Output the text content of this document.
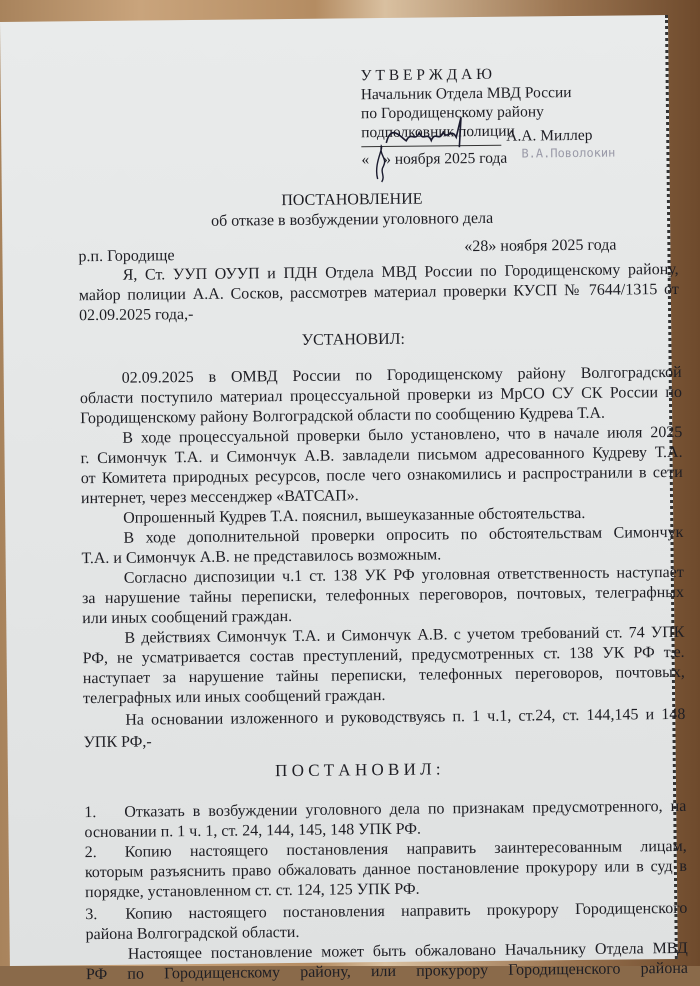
У Т В Е Р Ж Д А Ю
Начальник Отдела МВД России
по Городищенскому району
подполковник полиции
А.А. Миллер
« » ноября 2025 года В.А.Поволокин
ПОСТАНОВЛЕНИЕ
об отказе в возбуждении уголовного дела
р.п. Городище
«28» ноября 2025 года
Я, Ст. УУП ОУУП и ПДН Отдела МВД России по Городищенскому району,
майор полиции А.А. Сосков, рассмотрев материал проверки КУСП № 7644/1315 от
02.09.2025 года,-
УСТАНОВИЛ:
02.09.2025 в ОМВД России по Городищенскому району Волгоградской
области поступило материал процессуальной проверки из МрСО СУ СК России по
Городищенскому району Волгоградской области по сообщению Кудрева Т.А.
В ходе процессуальной проверки было установлено, что в начале июля 2025
г. Симончук Т.А. и Симончук А.В. завладели письмом адресованного Кудреву Т.А.
от Комитета природных ресурсов, после чего ознакомились и распространили в сети
интернет, через мессенджер «ВАТСАП».
Опрошенный Кудрев Т.А. пояснил, вышеуказанные обстоятельства.
В ходе дополнительной проверки опросить по обстоятельствам Симончук
Т.А. и Симончук А.В. не представилось возможным.
Согласно диспозиции ч.1 ст. 138 УК РФ уголовная ответственность наступает
за нарушение тайны переписки, телефонных переговоров, почтовых, телеграфных
или иных сообщений граждан.
В действиях Симончук Т.А. и Симончук А.В. с учетом требований ст. 74 УПК
РФ, не усматривается состав преступлений, предусмотренных ст. 138 УК РФ т.е.
наступает за нарушение тайны переписки, телефонных переговоров, почтовых,
телеграфных или иных сообщений граждан.
На основании изложенного и руководствуясь п. 1 ч.1, ст.24, ст. 144,145 и 148
УПК РФ,-
П О С Т А Н О В И Л :
1. Отказать в возбуждении уголовного дела по признакам предусмотренного, на
основании п. 1 ч. 1, ст. 24, 144, 145, 148 УПК РФ.
2. Копию настоящего постановления направить заинтересованным лицам,
которым разъяснить право обжаловать данное постановление прокурору или в суд в
порядке, установленном ст. ст. 124, 125 УПК РФ.
3. Копию настоящего постановления направить прокурору Городищенского
района Волгоградской области.
Настоящее постановление может быть обжаловано Начальнику Отдела МВД
РФ по Городищенскому району, или прокурору Городищенского района
